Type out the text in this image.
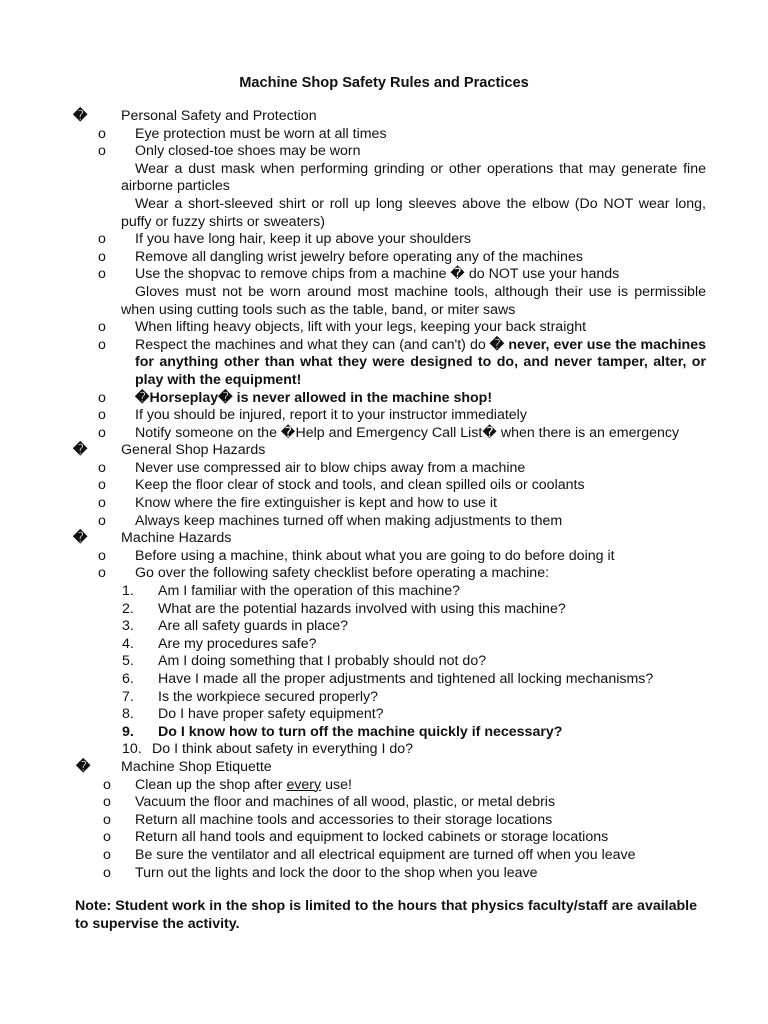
Machine Shop Safety Rules and Practices
� Personal Safety and Protection
o Eye protection must be worn at all times
o Only closed-toe shoes may be worn
Wear a dust mask when performing grinding or other operations that may generate fine airborne particles
Wear a short-sleeved shirt or roll up long sleeves above the elbow (Do NOT wear long, puffy or fuzzy shirts or sweaters)
o If you have long hair, keep it up above your shoulders
o Remove all dangling wrist jewelry before operating any of the machines
o Use the shopvac to remove chips from a machine � do NOT use your hands
Gloves must not be worn around most machine tools, although their use is permissible when using cutting tools such as the table, band, or miter saws
o When lifting heavy objects, lift with your legs, keeping your back straight
o Respect the machines and what they can (and can't) do � never, ever use the machines for anything other than what they were designed to do, and never tamper, alter, or play with the equipment!
o �Horseplay� is never allowed in the machine shop!
o If you should be injured, report it to your instructor immediately
o Notify someone on the �Help and Emergency Call List� when there is an emergency
� General Shop Hazards
o Never use compressed air to blow chips away from a machine
o Keep the floor clear of stock and tools, and clean spilled oils or coolants
o Know where the fire extinguisher is kept and how to use it
o Always keep machines turned off when making adjustments to them
� Machine Hazards
o Before using a machine, think about what you are going to do before doing it
o Go over the following safety checklist before operating a machine:
1. Am I familiar with the operation of this machine?
2. What are the potential hazards involved with using this machine?
3. Are all safety guards in place?
4. Are my procedures safe?
5. Am I doing something that I probably should not do?
6. Have I made all the proper adjustments and tightened all locking mechanisms?
7. Is the workpiece secured properly?
8. Do I have proper safety equipment?
9. Do I know how to turn off the machine quickly if necessary?
10. Do I think about safety in everything I do?
� Machine Shop Etiquette
o Clean up the shop after every use!
o Vacuum the floor and machines of all wood, plastic, or metal debris
o Return all machine tools and accessories to their storage locations
o Return all hand tools and equipment to locked cabinets or storage locations
o Be sure the ventilator and all electrical equipment are turned off when you leave
o Turn out the lights and lock the door to the shop when you leave
Note: Student work in the shop is limited to the hours that physics faculty/staff are available to supervise the activity.
